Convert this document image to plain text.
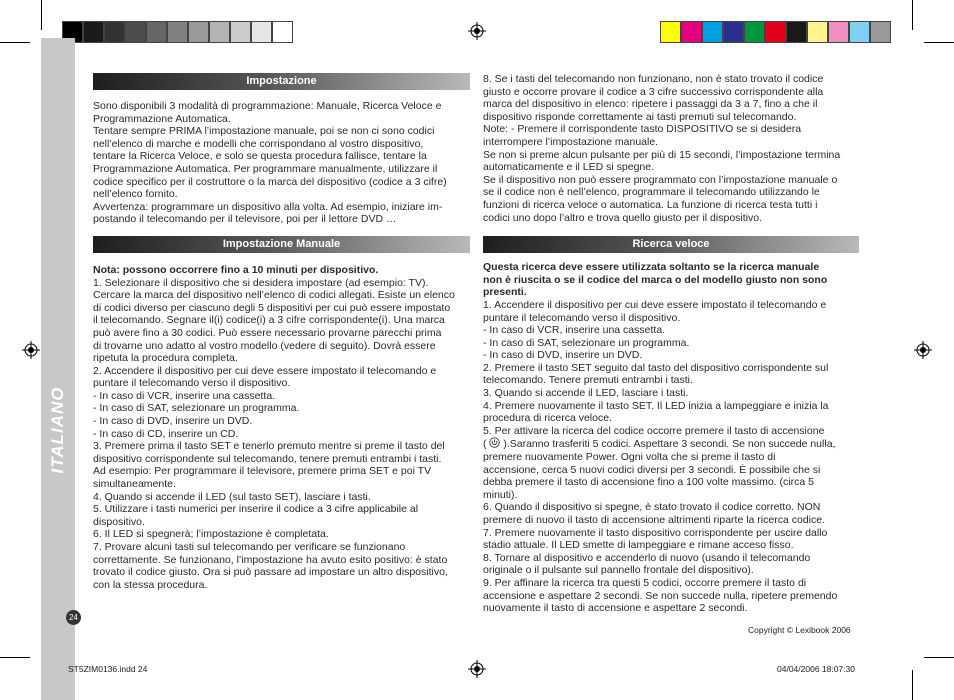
ITALIANO
24
Impostazione
Sono disponibili 3 modalità di programmazione: Manuale, Ricerca Veloce e
Programmazione Automatica.
Tentare sempre PRIMA l’impostazione manuale, poi se non ci sono codici
nell’elenco di marche e modelli che corrispondano al vostro dispositivo,
tentare la Ricerca Veloce, e solo se questa procedura fallisce, tentare la
Programmazione Automatica. Per programmare manualmente, utilizzare il
codice specifico per il costruttore o la marca del dispositivo (codice a 3 cifre)
nell’elenco fornito.
Avvertenza: programmare un dispositivo alla volta. Ad esempio, iniziare im-
postando il telecomando per il televisore, poi per il lettore DVD …
Impostazione Manuale
Nota: possono occorrere fino a 10 minuti per dispositivo.
1. Selezionare il dispositivo che si desidera impostare (ad esempio: TV).
Cercare la marca del dispositivo nell’elenco di codici allegati. Esiste un elenco
di codici diverso per ciascuno degli 5 dispositivi per cui può essere impostato
il telecomando. Segnare il(i) codice(i) a 3 cifre corrispondente(i). Una marca
può avere fino a 30 codici. Può essere necessario provarne parecchi prima
di trovarne uno adatto al vostro modello (vedere di seguito). Dovrà essere
ripetuta la procedura completa.
2. Accendere il dispositivo per cui deve essere impostato il telecomando e
puntare il telecomando verso il dispositivo.
- In caso di VCR, inserire una cassetta.
- In caso di SAT, selezionare un programma.
- In caso di DVD, inserire un DVD.
- In caso di CD, inserire un CD.
3. Premere prima il tasto SET e tenerlo premuto mentre si preme il tasto del
dispositivo corrispondente sul telecomando, tenere premuti entrambi i tasti.
Ad esempio: Per programmare il televisore, premere prima SET e poi TV
simultaneamente.
4. Quando si accende il LED (sul tasto SET), lasciare i tasti.
5. Utilizzare i tasti numerici per inserire il codice a 3 cifre applicabile al
dispositivo.
6. Il LED si spegnerà; l’impostazione è completata.
7. Provare alcuni tasti sul telecomando per verificare se funzionano
correttamente. Se funzionano, l’impostazione ha avuto esito positivo: è stato
trovato il codice giusto. Ora si può passare ad impostare un altro dispositivo,
con la stessa procedura.
8. Se i tasti del telecomando non funzionano, non è stato trovato il codice
giusto e occorre provare il codice a 3 cifre successivo corrispondente alla
marca del dispositivo in elenco: ripetere i passaggi da 3 a 7, fino a che il
dispositivo risponde correttamente ai tasti premuti sul telecomando.
Note: - Premere il corrispondente tasto DISPOSITIVO se si desidera
interrompere l’impostazione manuale.
Se non si preme alcun pulsante per più di 15 secondi, l’impostazione termina
automaticamente e il LED si spegne.
Se il dispositivo non può essere programmato con l’impostazione manuale o
se il codice non è nell’elenco, programmare il telecomando utilizzando le
funzioni di ricerca veloce o automatica. La funzione di ricerca testa tutti i
codici uno dopo l’altro e trova quello giusto per il dispositivo.
Ricerca veloce
Questa ricerca deve essere utilizzata soltanto se la ricerca manuale
non è riuscita o se il codice del marca o del modello giusto non sono
presenti.
1. Accendere il dispositivo per cui deve essere impostato il telecomando e
puntare il telecomando verso il dispositivo.
- In caso di VCR, inserire una cassetta.
- In caso di SAT, selezionare un programma.
- In caso di DVD, inserire un DVD.
2. Premere il tasto SET seguito dal tasto del dispositivo corrispondente sul
telecomando. Tenere premuti entrambi i tasti.
3. Quando si accende il LED, lasciare i tasti.
4. Premere nuovamente il tasto SET. Il LED inizia a lampeggiare e inizia la
procedura di ricerca veloce.
5. Per attivare la ricerca del codice occorre premere il tasto di accensione
(  ).Saranno trasferiti 5 codici. Aspettare 3 secondi. Se non succede nulla,
premere nuovamente Power. Ogni volta che si preme il tasto di
accensione, cerca 5 nuovi codici diversi per 3 secondi. È possibile che si
debba premere il tasto di accensione fino a 100 volte massimo. (circa 5
minuti).
6. Quando il dispositivo si spegne, è stato trovato il codice corretto. NON
premere di nuovo il tasto di accensione altrimenti riparte la ricerca codice.
7. Premere nuovamente il tasto dispositivo corrispondente per uscire dallo
stadio attuale. Il LED smette di lampeggiare e rimane acceso fisso.
8. Tornare al dispositivo e accenderlo di nuovo (usando il telecomando
originale o il pulsante sul pannello frontale del dispositivo).
9. Per affinare la ricerca tra questi 5 codici, occorre premere il tasto di
accensione e aspettare 2 secondi. Se non succede nulla, ripetere premendo
nuovamente il tasto di accensione e aspettare 2 secondi.
Copyright © Lexibook 2006
ST5ZIM0136.indd 24	04/04/2006 18:07:30
